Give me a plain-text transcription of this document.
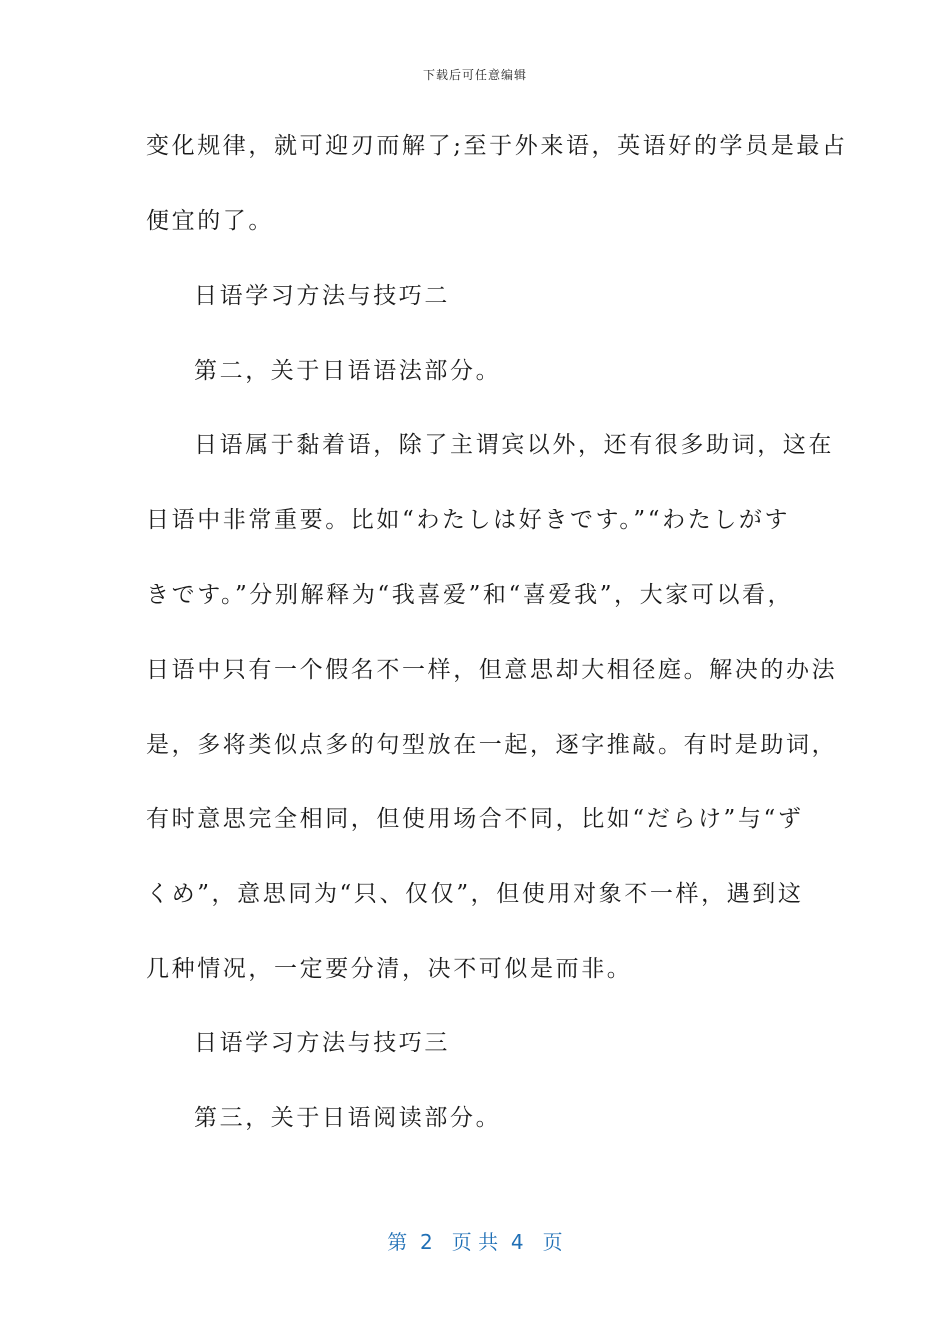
下载后可任意编辑
变化规律，就可迎刃而解了;至于外来语，英语好的学员是最占
便宜的了。
日语学习方法与技巧二
第二，关于日语语法部分。
日语属于黏着语，除了主谓宾以外，还有很多助词，这在
日语中非常重要。比如“わたしは好きです。”“わたしがす
きです。”分别解释为“我喜爱”和“喜爱我”，大家可以看，
日语中只有一个假名不一样，但意思却大相径庭。解决的办法
是，多将类似点多的句型放在一起，逐字推敲。有时是助词，
有时意思完全相同，但使用场合不同，比如“だらけ”与“ず
くめ”，意思同为“只、仅仅”，但使用对象不一样，遇到这
几种情况，一定要分清，决不可似是而非。
日语学习方法与技巧三
第三，关于日语阅读部分。
第  2   页 共  4   页
